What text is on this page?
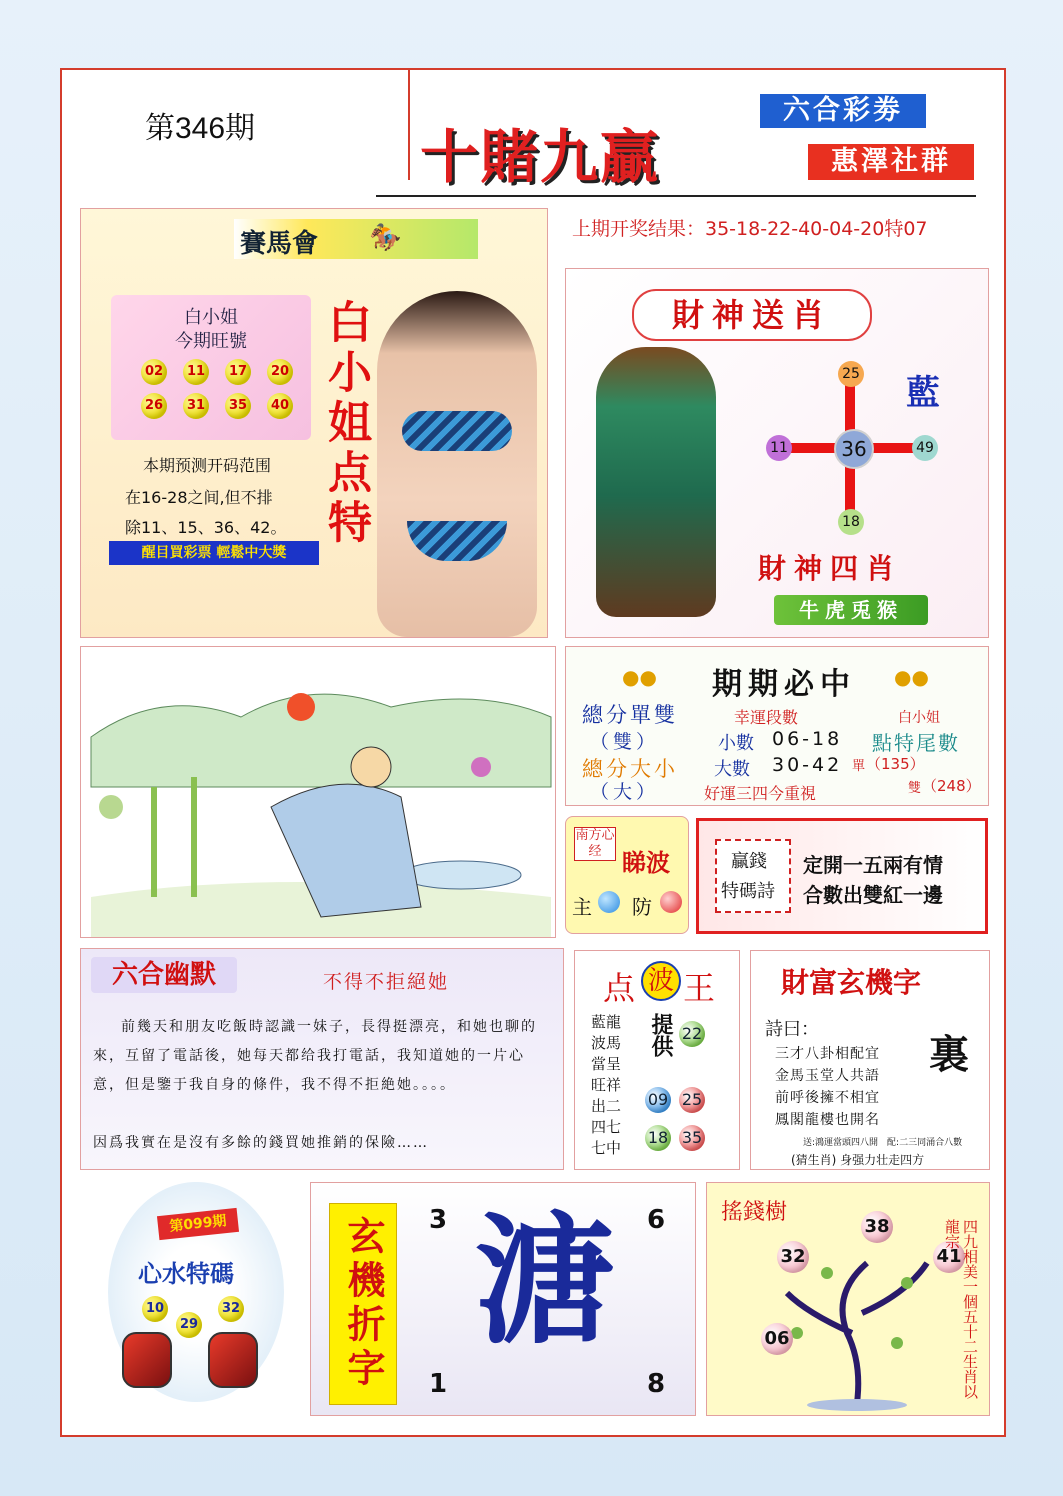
第346期	十賭九贏
六合彩劵
惠澤社群
上期开奖结果：35-18-22-40-04-20特07
賽馬會 🏇
白小姐
今期旺號
02	11	17	20
26	31	35	40 白小姐点特
本期预测开码范围
在16-28之间,但不排
除11、15、36、42。
醒目買彩票 輕鬆中大獎
財神送肖
36
25
11	49
18
藍
財神四肖
牛虎兎猴
●●	●●
期期必中
總分單雙
（雙）
總分大小
（大）
幸運段數
小數 06-18
大數 30-42
好運三四今重視
白小姐
點特尾數
單 （135）
雙 （248）
南方心经 睇波
主 防
贏錢
特碼詩
定開一五兩有情
合數出雙紅一邊
六合幽默	不得不拒絕她
前幾天和朋友吃飯時認識一妹子，長得挺漂亮，和她也聊的來，互留了電話後，她每天都给我打電話，我知道她的一片心意，但是鑒于我自身的條件，我不得不拒絶她。。。。
因爲我實在是沒有多餘的錢買她推銷的保險……
点 波 王
藍龍
波馬
當呈
旺祥
出二
四七
七中
提供 22
09 25
18 35
財富玄機字
詩曰：
裏
三才八卦相配宜
金馬玉堂人共語
前呼後擁不相宜
鳳閣龍樓也開名
送:鴻運當頭四八開　配:二三同涌合八數
(猜生肖) 身强力壮走四方
第099期
心水特碼
10
29
32	玄機折字 溏
3	6
1	8
搖錢樹
38
32	41
06	四九相美一個五十二生肖以龍宗
